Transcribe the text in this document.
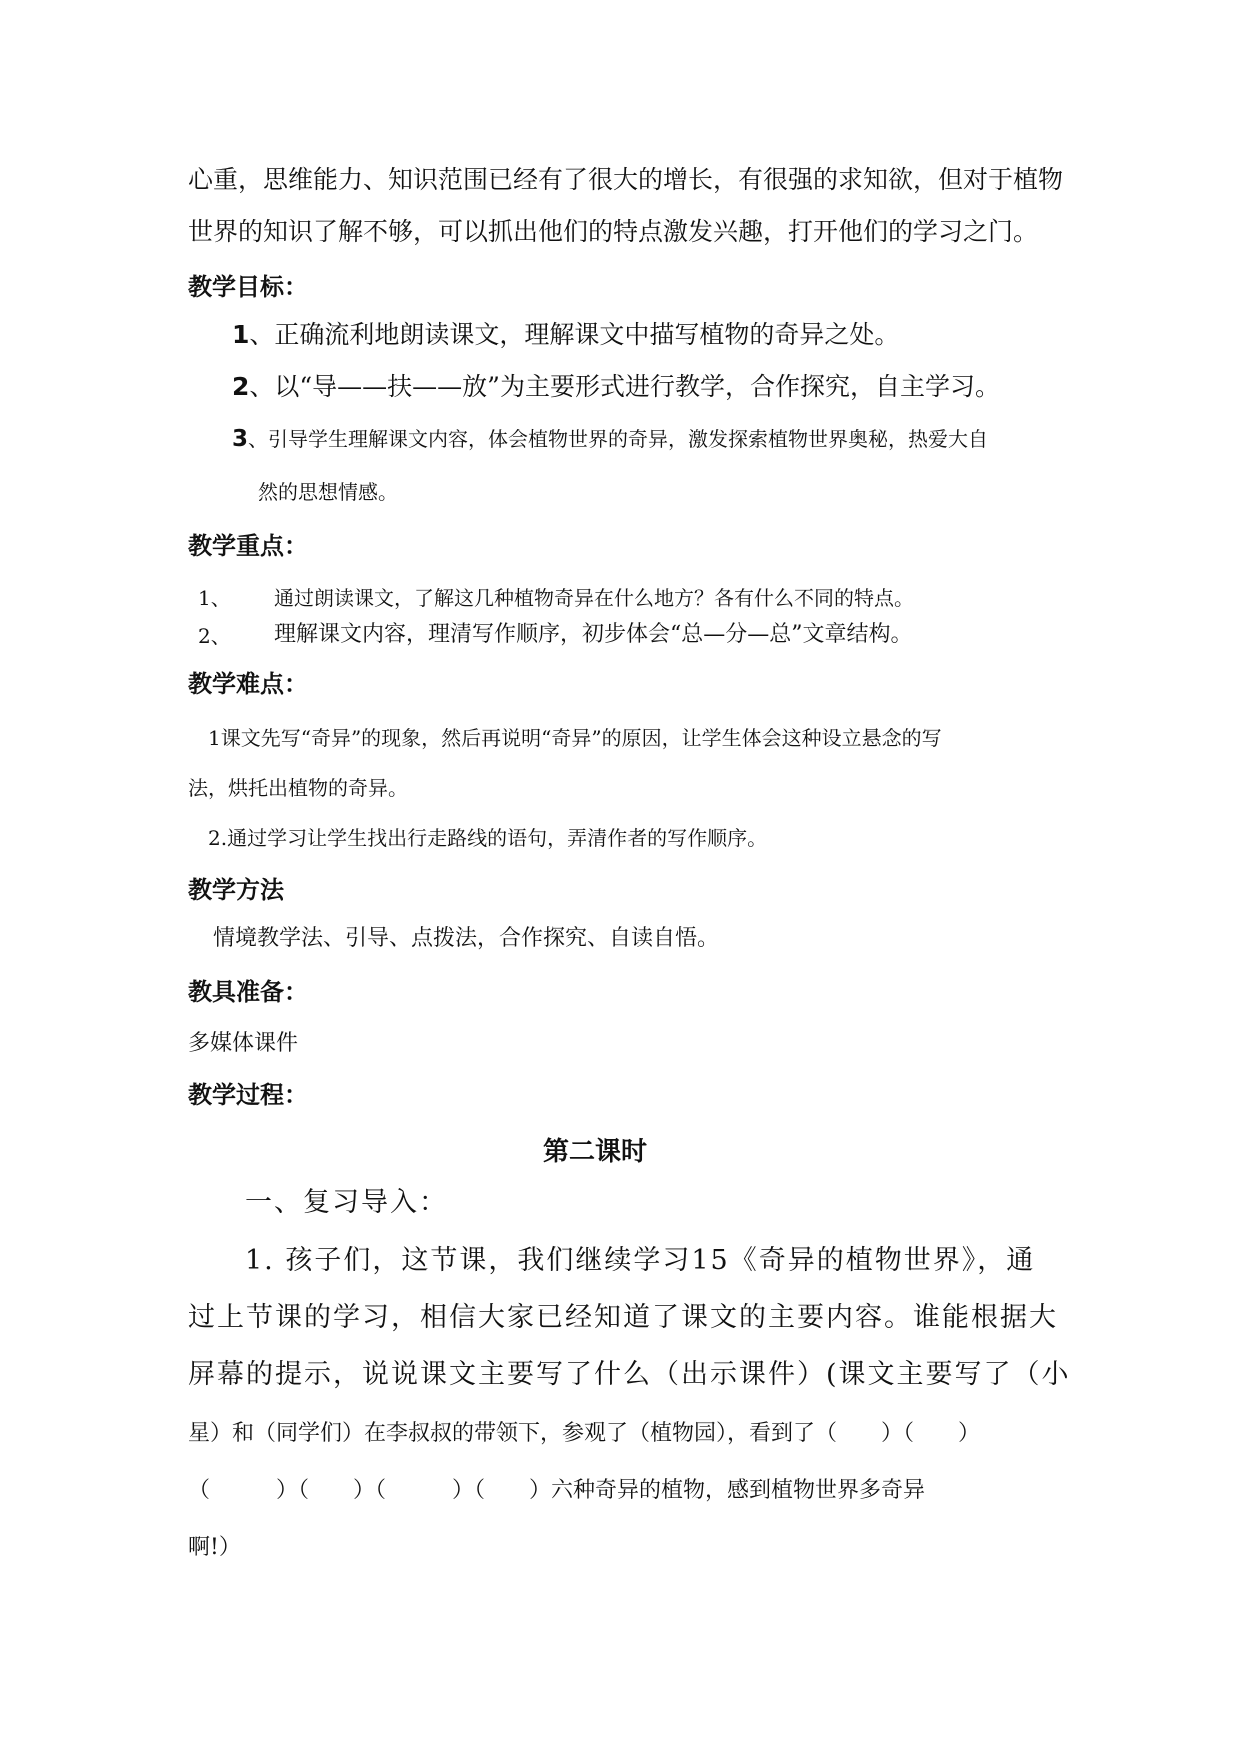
心重，思维能力、知识范围已经有了很大的增长，有很强的求知欲，但对于植物
世界的知识了解不够，可以抓出他们的特点激发兴趣，打开他们的学习之门。
教学目标：
1、正确流利地朗读课文，理解课文中描写植物的奇异之处。
2、以“导——扶——放”为主要形式进行教学，合作探究，自主学习。
3、引导学生理解课文内容，体会植物世界的奇异，激发探索植物世界奥秘，热爱大自
然的思想情感。
教学重点：
1、 通过朗读课文，了解这几种植物奇异在什么地方？各有什么不同的特点。
2、 理解课文内容，理清写作顺序，初步体会“总—分—总”文章结构。
教学难点：
1课文先写“奇异”的现象，然后再说明“奇异”的原因，让学生体会这种设立悬念的写
法，烘托出植物的奇异。
2.通过学习让学生找出行走路线的语句，弄清作者的写作顺序。
教学方法
情境教学法、引导、点拨法，合作探究、自读自悟。
教具准备：
多媒体课件
教学过程：
第二课时
一、复习导入：
1. 孩子们，这节课，我们继续学习15《奇异的植物世界》，通
过上节课的学习，相信大家已经知道了课文的主要内容。谁能根据大
屏幕的提示，说说课文主要写了什么（出示课件）(课文主要写了（小
星）和（同学们）在李叔叔的带领下，参观了（植物园），看到了（　　）（　　）
（　　　）（　　）（　　　）（　　）六种奇异的植物，感到植物世界多奇异
啊!）
